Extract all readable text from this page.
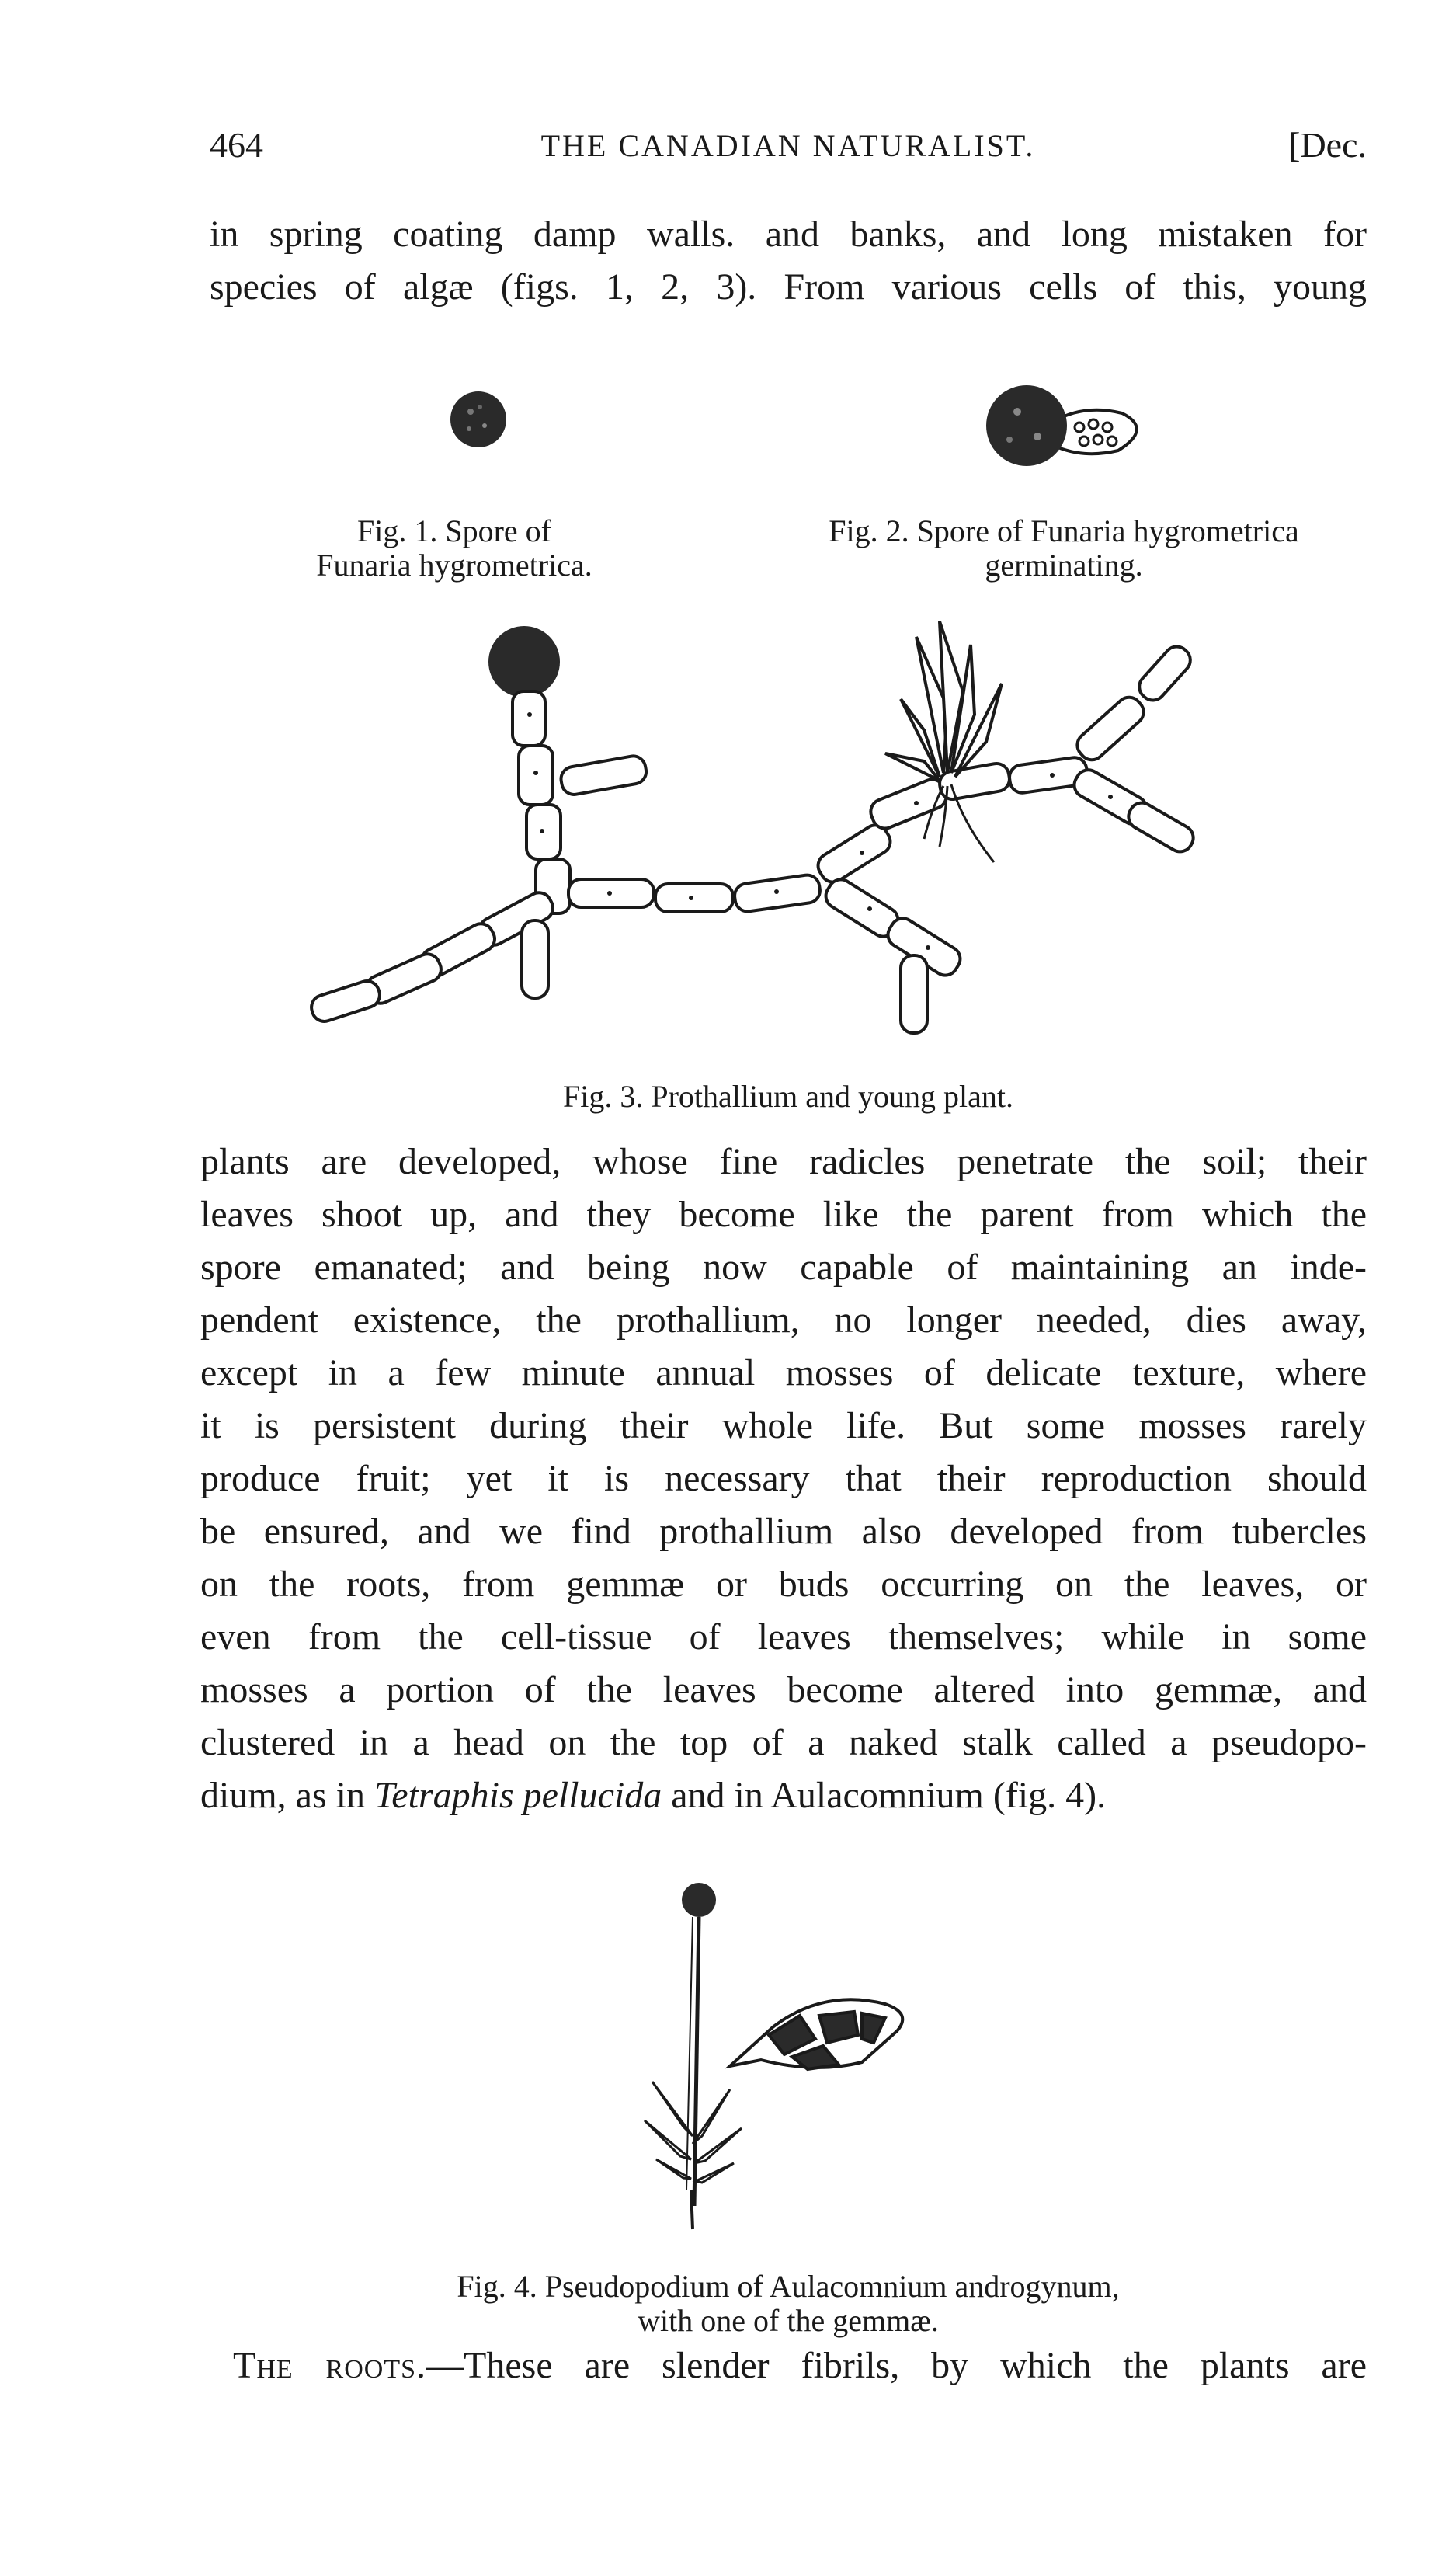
464	THE CANADIAN NATURALIST.	[Dec.
in spring coating damp walls. and banks, and long mistaken for
species of algæ (figs. 1, 2, 3). From various cells of this, young
Fig. 1. Spore of
Funaria hygrometrica.
Fig. 2. Spore of Funaria hygrometrica
germinating.
Fig. 3. Prothallium and young plant.
plants are developed, whose fine radicles penetrate the soil; their
leaves shoot up, and they become like the parent from which the
spore emanated; and being now capable of maintaining an inde-
pendent existence, the prothallium, no longer needed, dies away,
except in a few minute annual mosses of delicate texture, where
it is persistent during their whole life. But some mosses rarely
produce fruit; yet it is necessary that their reproduction should
be ensured, and we find prothallium also developed from tubercles
on the roots, from gemmæ or buds occurring on the leaves, or
even from the cell-tissue of leaves themselves; while in some
mosses a portion of the leaves become altered into gemmæ, and
clustered in a head on the top of a naked stalk called a pseudopo-
dium, as in Tetraphis pellucida and in Aulacomnium (fig. 4).
Fig. 4. Pseudopodium of Aulacomnium androgynum,
with one of the gemmæ.
The roots.—These are slender fibrils, by which the plants are
